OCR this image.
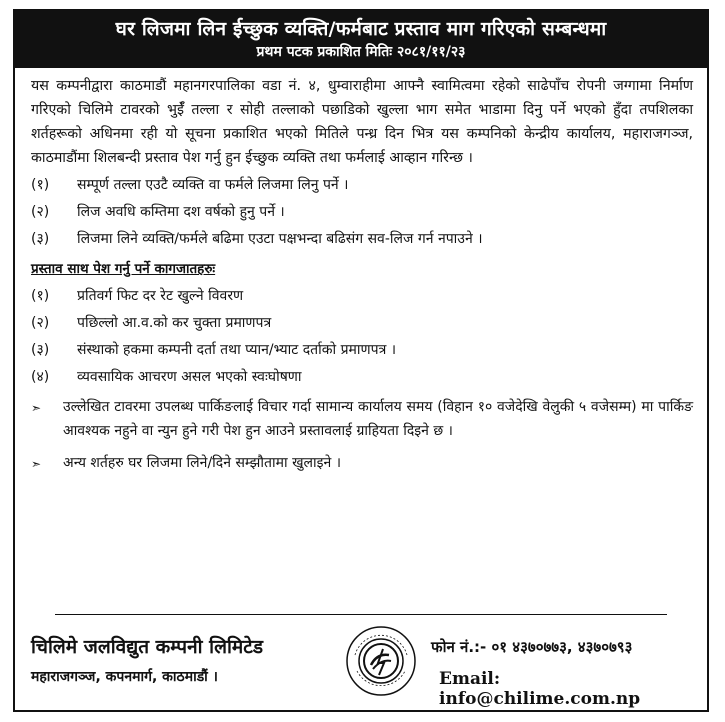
घर लिजमा लिन ईच्छुक व्यक्ति/फर्मबाट प्रस्ताव माग गरिएको सम्बन्धमा
प्रथम पटक प्रकाशित मितिः २०८१/११/२३

यस कम्पनीद्वारा काठमाडौं महानगरपालिका वडा नं. ४, धुम्वाराहीमा आफ्नै स्वामित्वमा रहेको साढेपाँच रोपनी जग्गामा निर्माण गरिएको चिलिमे टावरको भुईँ तल्ला र सोही तल्लाको पछाडिको खुल्ला भाग समेत भाडामा दिनु पर्ने भएको हुँदा तपशिलका शर्तहरूको अधिनमा रही यो सूचना प्रकाशित भएको मितिले पन्ध्र दिन भित्र यस कम्पनिको केन्द्रीय कार्यालय, महाराजगञ्ज, काठमाडौंमा शिलबन्दी प्रस्ताव पेश गर्नु हुन ईच्छुक व्यक्ति तथा फर्मलाई आव्हान गरिन्छ ।

(१)	सम्पूर्ण तल्ला एउटै व्यक्ति वा फर्मले लिजमा लिनु पर्ने ।
(२)	लिज अवधि कम्तिमा दश वर्षको हुनु पर्ने ।
(३)	लिजमा लिने व्यक्ति/फर्मले बढिमा एउटा पक्षभन्दा बढिसंग सव-लिज गर्न नपाउने ।
प्रस्ताव साथ पेश गर्नु पर्ने कागजातहरुः
(१)	प्रतिवर्ग फिट दर रेट खुल्ने विवरण
(२)	पछिल्लो आ.व.को कर चुक्ता प्रमाणपत्र
(३)	संस्थाको हकमा कम्पनी दर्ता तथा प्यान/भ्याट दर्ताको प्रमाणपत्र ।
(४)	व्यवसायिक आचरण असल भएको स्वःघोषणा
➣	उल्लेखित टावरमा उपलब्ध पार्किङलाई विचार गर्दा सामान्य कार्यालय समय (विहान १० वजेदेखि वेलुकी ५ वजेसम्म) मा पार्किङ आवश्यक नहुने वा न्युन हुने गरी पेश हुन आउने प्रस्तावलाई ग्राहियता दिइने छ ।
➣	अन्य शर्तहरु घर लिजमा लिने/दिने सम्झौतामा खुलाइने ।
चिलिमे जलविद्युत कम्पनी लिमिटेड
महाराजगञ्ज, कपनमार्ग, काठमाडौं ।
फोन नं.:- ०१ ४३७०७७३, ४३७०७९३
Email: info@chilime.com.np
